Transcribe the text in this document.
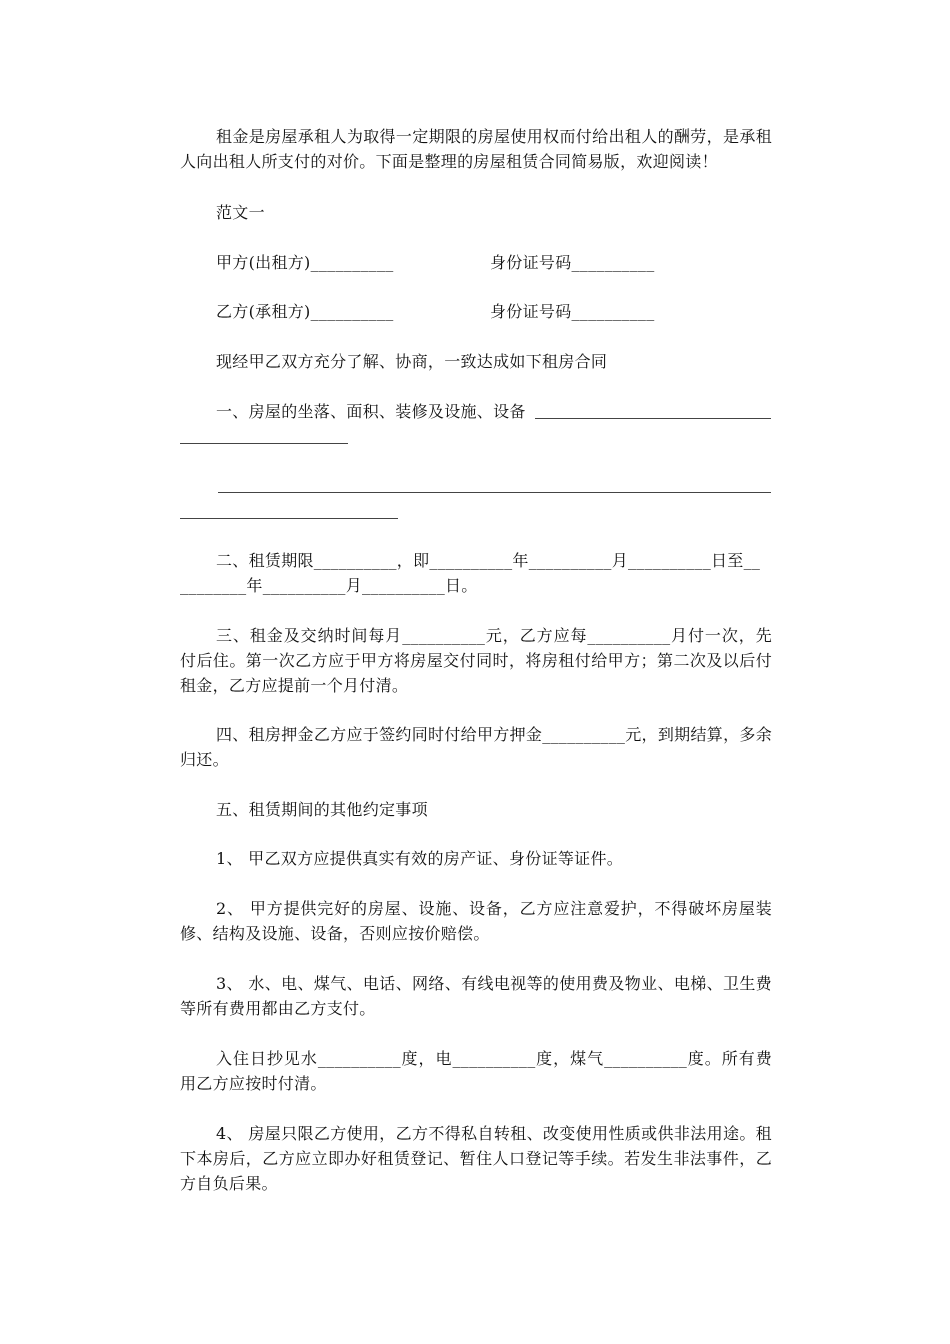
租金是房屋承租人为取得一定期限的房屋使用权而付给出租人的酬劳，是承租人向出租人所支付的对价。下面是整理的房屋租赁合同简易版，欢迎阅读！
范文一
甲方(出租方)__________	身份证号码__________
乙方(承租方)__________	身份证号码__________
现经甲乙双方充分了解、协商，一致达成如下租房合同
一、房屋的坐落、面积、装修及设施、设备
二、租赁期限__________，即__________年__________月__________日至__
________年__________月__________日。
三、租金及交纳时间每月__________元，乙方应每__________月付一次，先付后住。第一次乙方应于甲方将房屋交付同时，将房租付给甲方；第二次及以后付租金，乙方应提前一个月付清。
四、租房押金乙方应于签约同时付给甲方押金__________元，到期结算，多余归还。
五、租赁期间的其他约定事项
1、 甲乙双方应提供真实有效的房产证、身份证等证件。
2、 甲方提供完好的房屋、设施、设备，乙方应注意爱护，不得破坏房屋装修、结构及设施、设备，否则应按价赔偿。
3、 水、电、煤气、电话、网络、有线电视等的使用费及物业、电梯、卫生费等所有费用都由乙方支付。
入住日抄见水__________度，电__________度，煤气__________度。所有费用乙方应按时付清。
4、 房屋只限乙方使用，乙方不得私自转租、改变使用性质或供非法用途。租下本房后，乙方应立即办好租赁登记、暂住人口登记等手续。若发生非法事件，乙方自负后果。
